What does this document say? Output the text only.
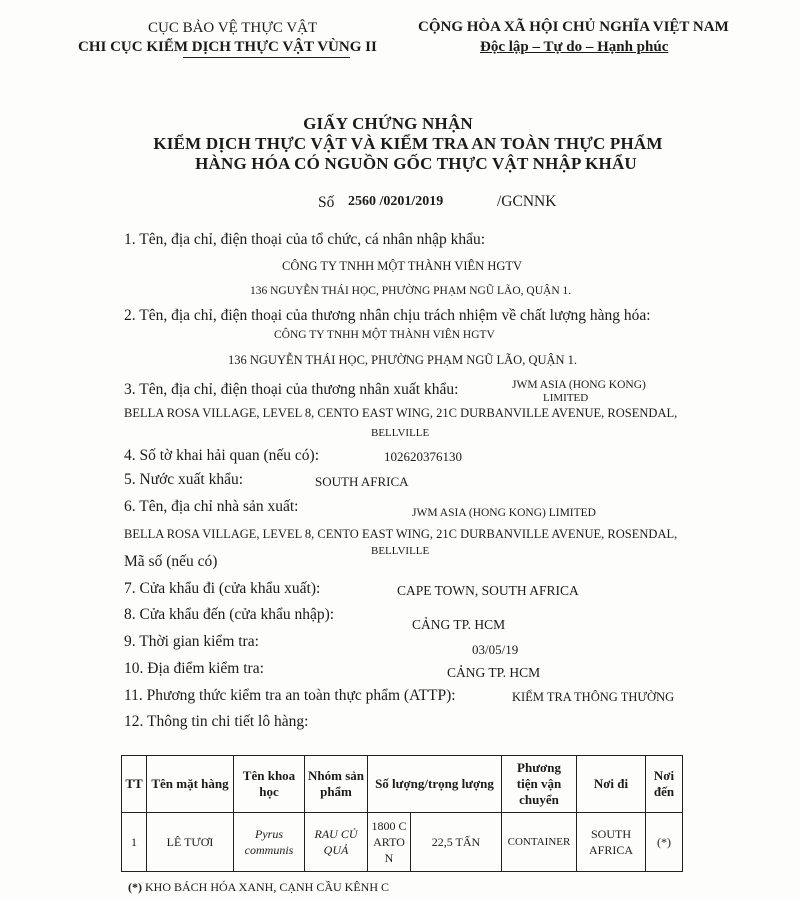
CỤC BẢO VỆ THỰC VẬT
CHI CỤC KIỂM DỊCH THỰC VẬT VÙNG II
CỘNG HÒA XÃ HỘI CHỦ NGHĨA VIỆT NAM
Độc lập – Tự do – Hạnh phúc
GIẤY CHỨNG NHẬN
KIỂM DỊCH THỰC VẬT VÀ KIỂM TRA AN TOÀN THỰC PHẨM
HÀNG HÓA CÓ NGUỒN GỐC THỰC VẬT NHẬP KHẨU
Số 2560 /0201/2019	/GCNNK
1. Tên, địa chỉ, điện thoại của tổ chức, cá nhân nhập khẩu:
CÔNG TY TNHH MỘT THÀNH VIÊN HGTV
136 NGUYỄN THÁI HỌC, PHƯỜNG PHẠM NGŨ LÃO, QUẬN 1.
2. Tên, địa chỉ, điện thoại của thương nhân chịu trách nhiệm về chất lượng hàng hóa:
CÔNG TY TNHH MỘT THÀNH VIÊN HGTV
136 NGUYỄN THÁI HỌC, PHƯỜNG PHẠM NGŨ LÃO, QUẬN 1.
3. Tên, địa chỉ, điện thoại của thương nhân xuất khẩu:	JWM ASIA (HONG KONG)
LIMITED
BELLA ROSA VILLAGE, LEVEL 8, CENTO EAST WING, 21C DURBANVILLE AVENUE, ROSENDAL,
BELLVILLE
4. Số tờ khai hải quan (nếu có):	102620376130
5. Nước xuất khẩu:	SOUTH AFRICA
6. Tên, địa chỉ nhà sản xuất:	JWM ASIA (HONG KONG) LIMITED
BELLA ROSA VILLAGE, LEVEL 8, CENTO EAST WING, 21C DURBANVILLE AVENUE, ROSENDAL,
BELLVILLE
Mã số (nếu có)
7. Cửa khẩu đi (cửa khẩu xuất):	CAPE TOWN, SOUTH AFRICA
8. Cửa khẩu đến (cửa khẩu nhập):
CẢNG TP. HCM
9. Thời gian kiểm tra:	03/05/19
10. Địa điểm kiểm tra:	CẢNG TP. HCM
11. Phương thức kiểm tra an toàn thực phẩm (ATTP):	KIỂM TRA THÔNG THƯỜNG
12. Thông tin chi tiết lô hàng:
TT	Tên mặt hàng	Tên khoa học	Nhóm sản phẩm	Số lượng/trọng lượng		Phương tiện vận chuyển	Nơi đi	Nơi đến
1	LÊ TƯƠI	Pyrus communis	RAU CỦ QUẢ	1800 CARTON	22,5 TẤN	CONTAINER	SOUTH AFRICA	(*)
(*) KHO BÁCH HÓA XANH, CẠNH CẦU KÊNH C
